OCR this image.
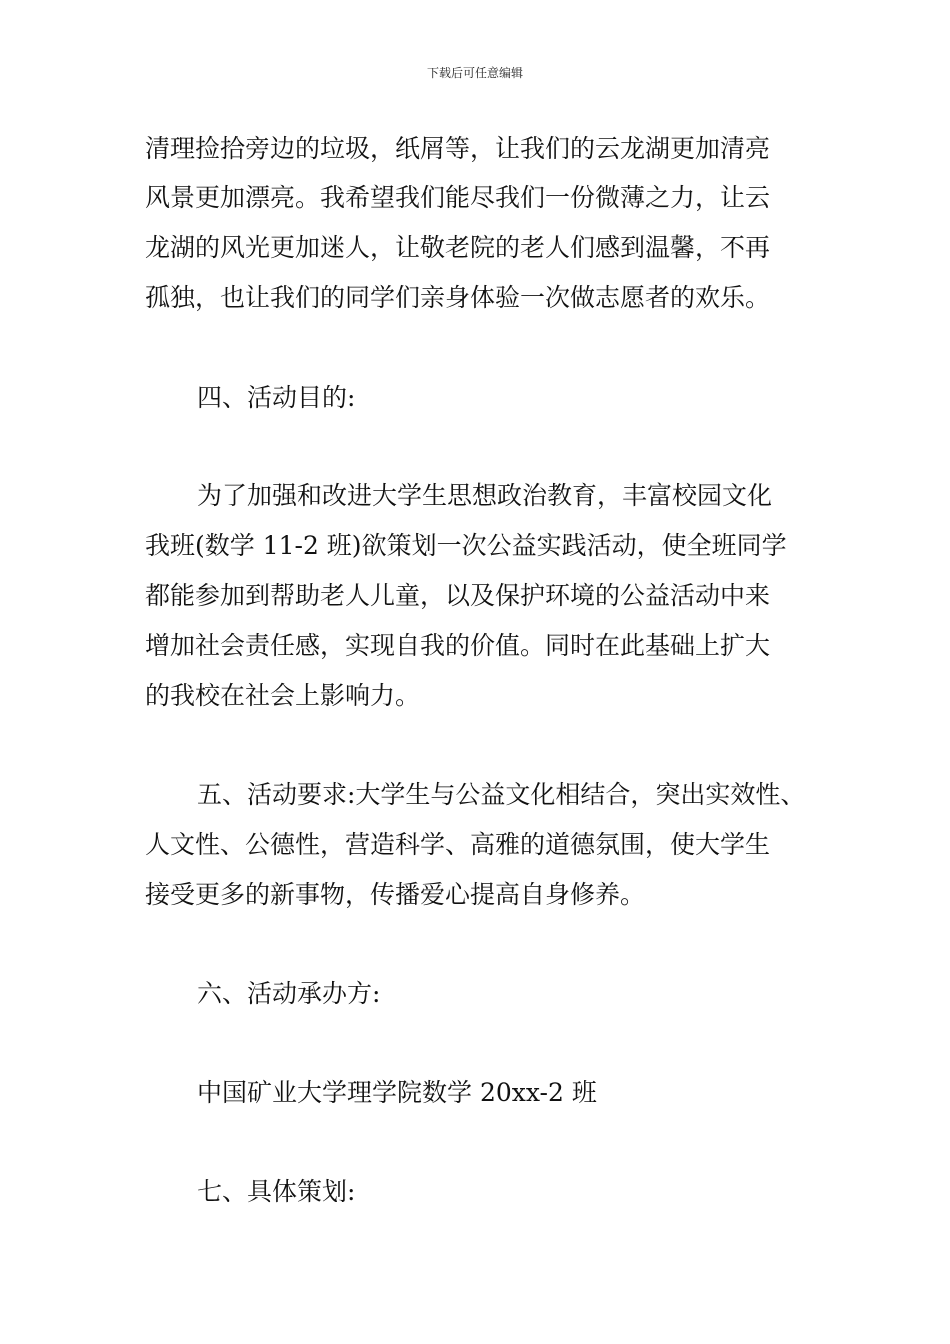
下载后可任意编辑
清理捡拾旁边的垃圾，纸屑等，让我们的云龙湖更加清亮
风景更加漂亮。我希望我们能尽我们一份微薄之力，让云
龙湖的风光更加迷人，让敬老院的老人们感到温馨，不再
孤独，也让我们的同学们亲身体验一次做志愿者的欢乐。
四、活动目的:
为了加强和改进大学生思想政治教育，丰富校园文化
我班(数学 11-2 班)欲策划一次公益实践活动，使全班同学
都能参加到帮助老人儿童，以及保护环境的公益活动中来
增加社会责任感，实现自我的价值。同时在此基础上扩大
的我校在社会上影响力。
五、活动要求:大学生与公益文化相结合，突出实效性、
人文性、公德性，营造科学、高雅的道德氛围，使大学生
接受更多的新事物，传播爱心提高自身修养。
六、活动承办方:
中国矿业大学理学院数学 20xx-2 班
七、具体策划:
